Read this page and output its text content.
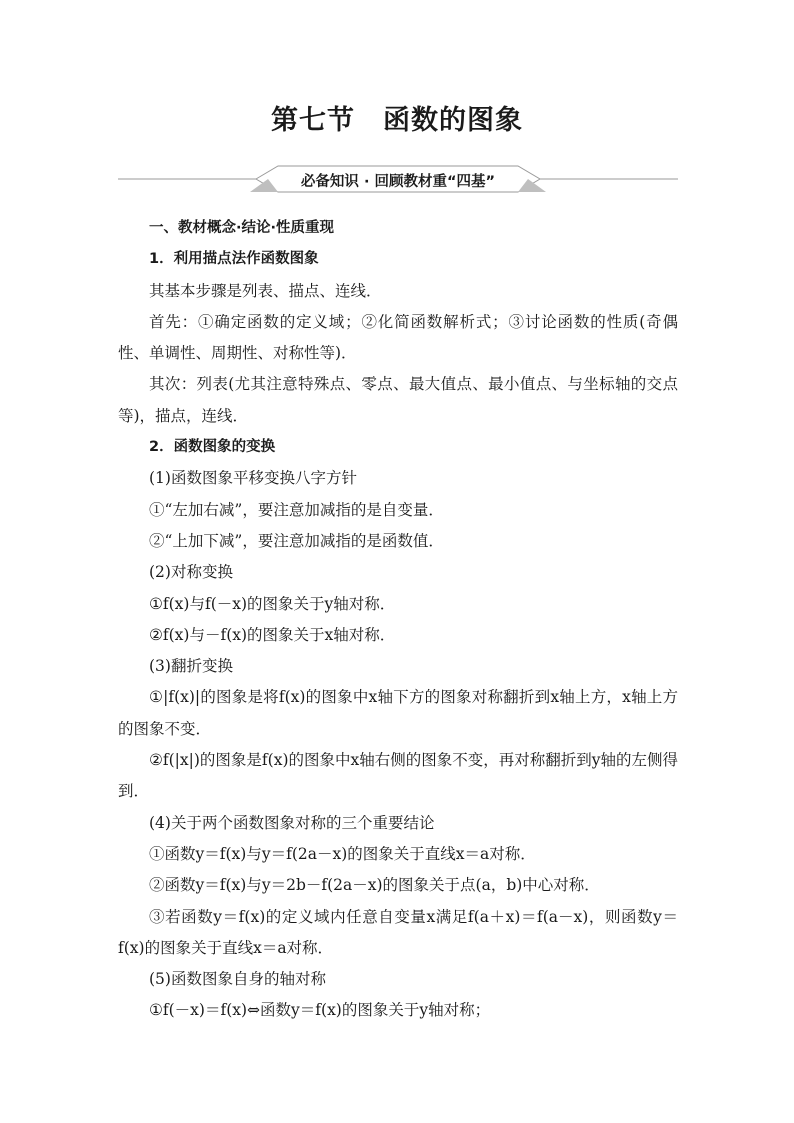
第七节　函数的图象
必备知识 · 回顾教材重“四基”

一、教材概念·结论·性质重现

1．利用描点法作函数图象

其基本步骤是列表、描点、连线．

首先：①确定函数的定义域；②化简函数解析式；③讨论函数的性质(奇偶性、单调性、周期性、对称性等)．

其次：列表(尤其注意特殊点、零点、最大值点、最小值点、与坐标轴的交点等)，描点，连线．

2．函数图象的变换

(1)函数图象平移变换八字方针

①“左加右减”，要注意加减指的是自变量．

②“上加下减”，要注意加减指的是函数值．

(2)对称变换

①f(x)与f(－x)的图象关于y轴对称．

②f(x)与－f(x)的图象关于x轴对称．

(3)翻折变换

①|f(x)|的图象是将f(x)的图象中x轴下方的图象对称翻折到x轴上方，x轴上方的图象不变．

②f(|x|)的图象是f(x)的图象中x轴右侧的图象不变，再对称翻折到y轴的左侧得到．

(4)关于两个函数图象对称的三个重要结论

①函数y＝f(x)与y＝f(2a－x)的图象关于直线x＝a对称．

②函数y＝f(x)与y＝2b－f(2a－x)的图象关于点(a，b)中心对称．

③若函数y＝f(x)的定义域内任意自变量x满足f(a＋x)＝f(a－x)，则函数y＝f(x)的图象关于直线x＝a对称．

(5)函数图象自身的轴对称

①f(－x)＝f(x)⇔函数y＝f(x)的图象关于y轴对称；
